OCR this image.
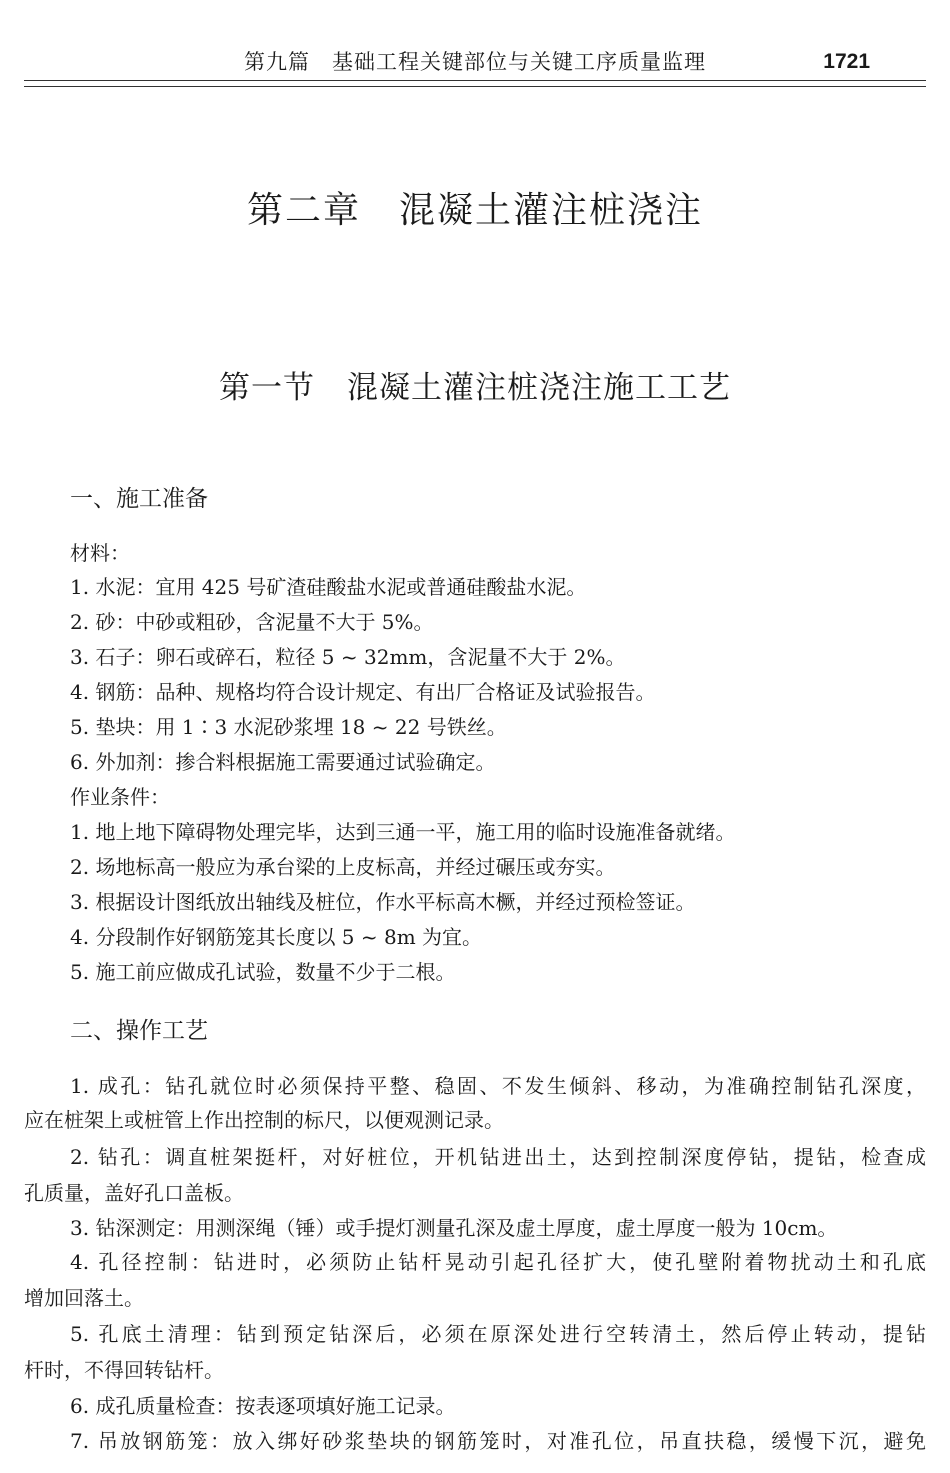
第九篇　基础工程关键部位与关键工序质量监理	1721
第二章　混凝土灌注桩浇注
第一节　混凝土灌注桩浇注施工工艺
一、施工准备
材料：
1. 水泥：宜用 425 号矿渣硅酸盐水泥或普通硅酸盐水泥。
2. 砂：中砂或粗砂，含泥量不大于 5%。
3. 石子：卵石或碎石，粒径 5 ~ 32mm，含泥量不大于 2%。
4. 钢筋：品种、规格均符合设计规定、有出厂合格证及试验报告。
5. 垫块：用 1∶3 水泥砂浆埋 18 ~ 22 号铁丝。
6. 外加剂：掺合料根据施工需要通过试验确定。
作业条件：
1. 地上地下障碍物处理完毕，达到三通一平，施工用的临时设施准备就绪。
2. 场地标高一般应为承台梁的上皮标高，并经过碾压或夯实。
3. 根据设计图纸放出轴线及桩位，作水平标高木橛，并经过预检签证。
4. 分段制作好钢筋笼其长度以 5 ~ 8m 为宜。
5. 施工前应做成孔试验，数量不少于二根。
二、操作工艺
1. 成孔：钻孔就位时必须保持平整、稳固、不发生倾斜、移动，为准确控制钻孔深度，
应在桩架上或桩管上作出控制的标尺，以便观测记录。
2. 钻孔：调直桩架挺杆，对好桩位，开机钻进出土，达到控制深度停钻，提钻，检查成
孔质量，盖好孔口盖板。
3. 钻深测定：用测深绳（锤）或手提灯测量孔深及虚土厚度，虚土厚度一般为 10cm。
4. 孔径控制：钻进时，必须防止钻杆晃动引起孔径扩大，使孔壁附着物扰动土和孔底
增加回落土。
5. 孔底土清理：钻到预定钻深后，必须在原深处进行空转清土，然后停止转动，提钻
杆时，不得回转钻杆。
6. 成孔质量检查：按表逐项填好施工记录。
7. 吊放钢筋笼：放入绑好砂浆垫块的钢筋笼时，对准孔位，吊直扶稳，缓慢下沉，避免
